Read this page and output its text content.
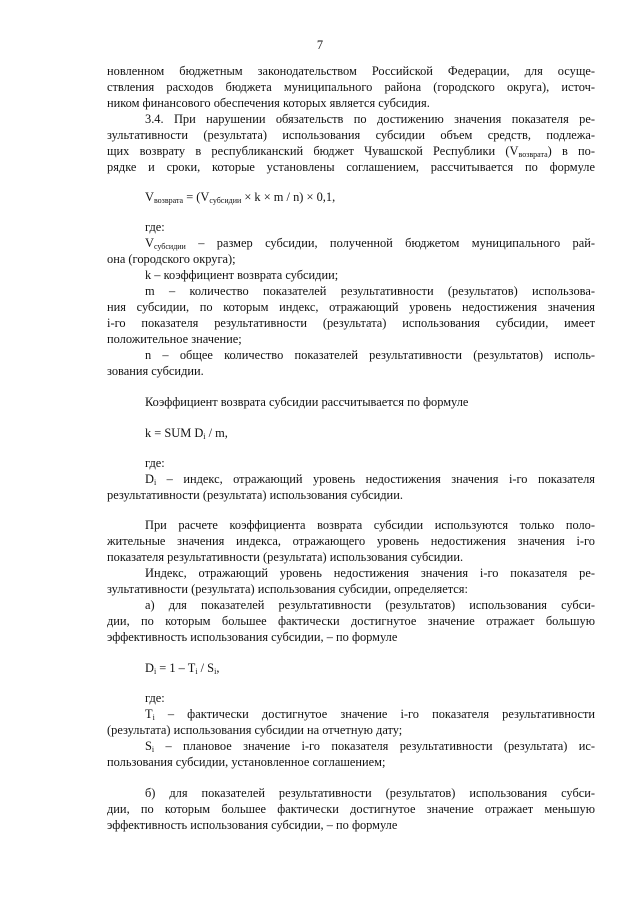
7
новленном бюджетным законодательством Российской Федерации, для осуще-
ствления расходов бюджета муниципального района (городского округа), источ-
ником финансового обеспечения которых является субсидия.
3.4. При нарушении обязательств по достижению значения показателя ре-
зультативности (результата) использования субсидии объем средств, подлежа-
щих возврату в республиканский бюджет Чувашской Республики $(V_{возврата})$ в по-
рядке и сроки, которые установлены соглашением, рассчитывается по формуле
$V_{возврата} = (V_{субсидии} \times k \times m / n) \times 0,1$,
где:
$V_{субсидии}$ – размер субсидии, полученной бюджетом муниципального рай-
она (городского округа);
k – коэффициент возврата субсидии;
m – количество показателей результативности (результатов) использова-
ния субсидии, по которым индекс, отражающий уровень недостижения значения
i-го показателя результативности (результата) использования субсидии, имеет
положительное значение;
n – общее количество показателей результативности (результатов) исполь-
зования субсидии.
Коэффициент возврата субсидии рассчитывается по формуле
k = SUM $D_i$ / m,
где:
$D_i$ – индекс, отражающий уровень недостижения значения i-го показателя
результативности (результата) использования субсидии.
При расчете коэффициента возврата субсидии используются только поло-
жительные значения индекса, отражающего уровень недостижения значения i-го
показателя результативности (результата) использования субсидии.
Индекс, отражающий уровень недостижения значения i-го показателя ре-
зультативности (результата) использования субсидии, определяется:
а) для показателей результативности (результатов) использования субси-
дии, по которым большее фактически достигнутое значение отражает большую
эффективность использования субсидии, – по формуле
$D_i = 1 - T_i / S_i$,
где:
$T_i$ – фактически достигнутое значение i-го показателя результативности
(результата) использования субсидии на отчетную дату;
$S_i$ – плановое значение i-го показателя результативности (результата) ис-
пользования субсидии, установленное соглашением;
б) для показателей результативности (результатов) использования субси-
дии, по которым большее фактически достигнутое значение отражает меньшую
эффективность использования субсидии, – по формуле
